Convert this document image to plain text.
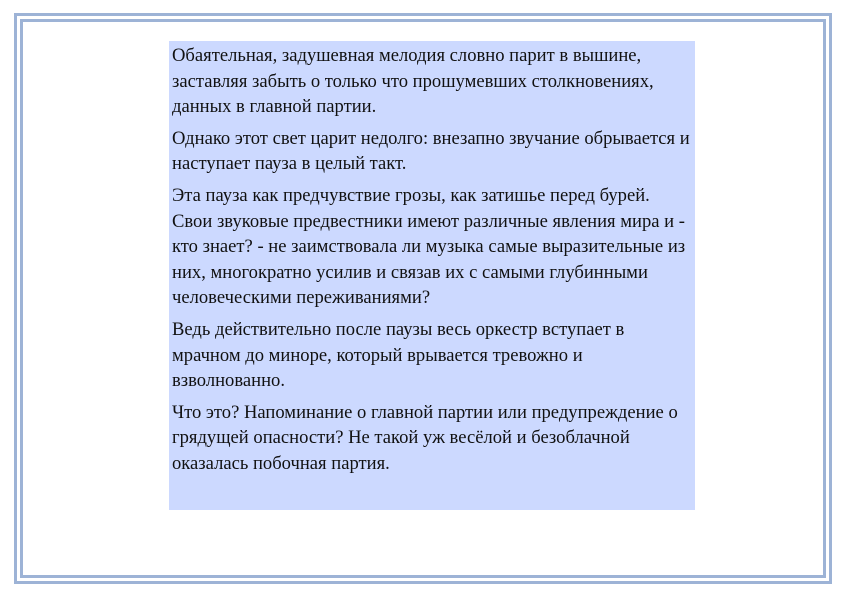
Обаятельная, задушевная мелодия словно парит в вышине, заставляя забыть о только что прошумевших столкновениях, данных в главной партии.

Однако этот свет царит недолго: внезапно звучание обрывается и наступает пауза в целый такт.

Эта пауза как предчувствие грозы, как затишье перед бурей. Свои звуковые предвестники имеют различные явления мира и - кто знает? - не заимствовала ли музыка самые выразительные из них, многократно усилив и связав их с самыми глубинными человеческими переживаниями?

Ведь действительно после паузы весь оркестр вступает в мрачном до миноре, который врывается тревожно и взволнованно.

Что это? Напоминание о главной партии или предупреждение о грядущей опасности? Не такой уж весёлой и безоблачной оказалась побочная партия.
